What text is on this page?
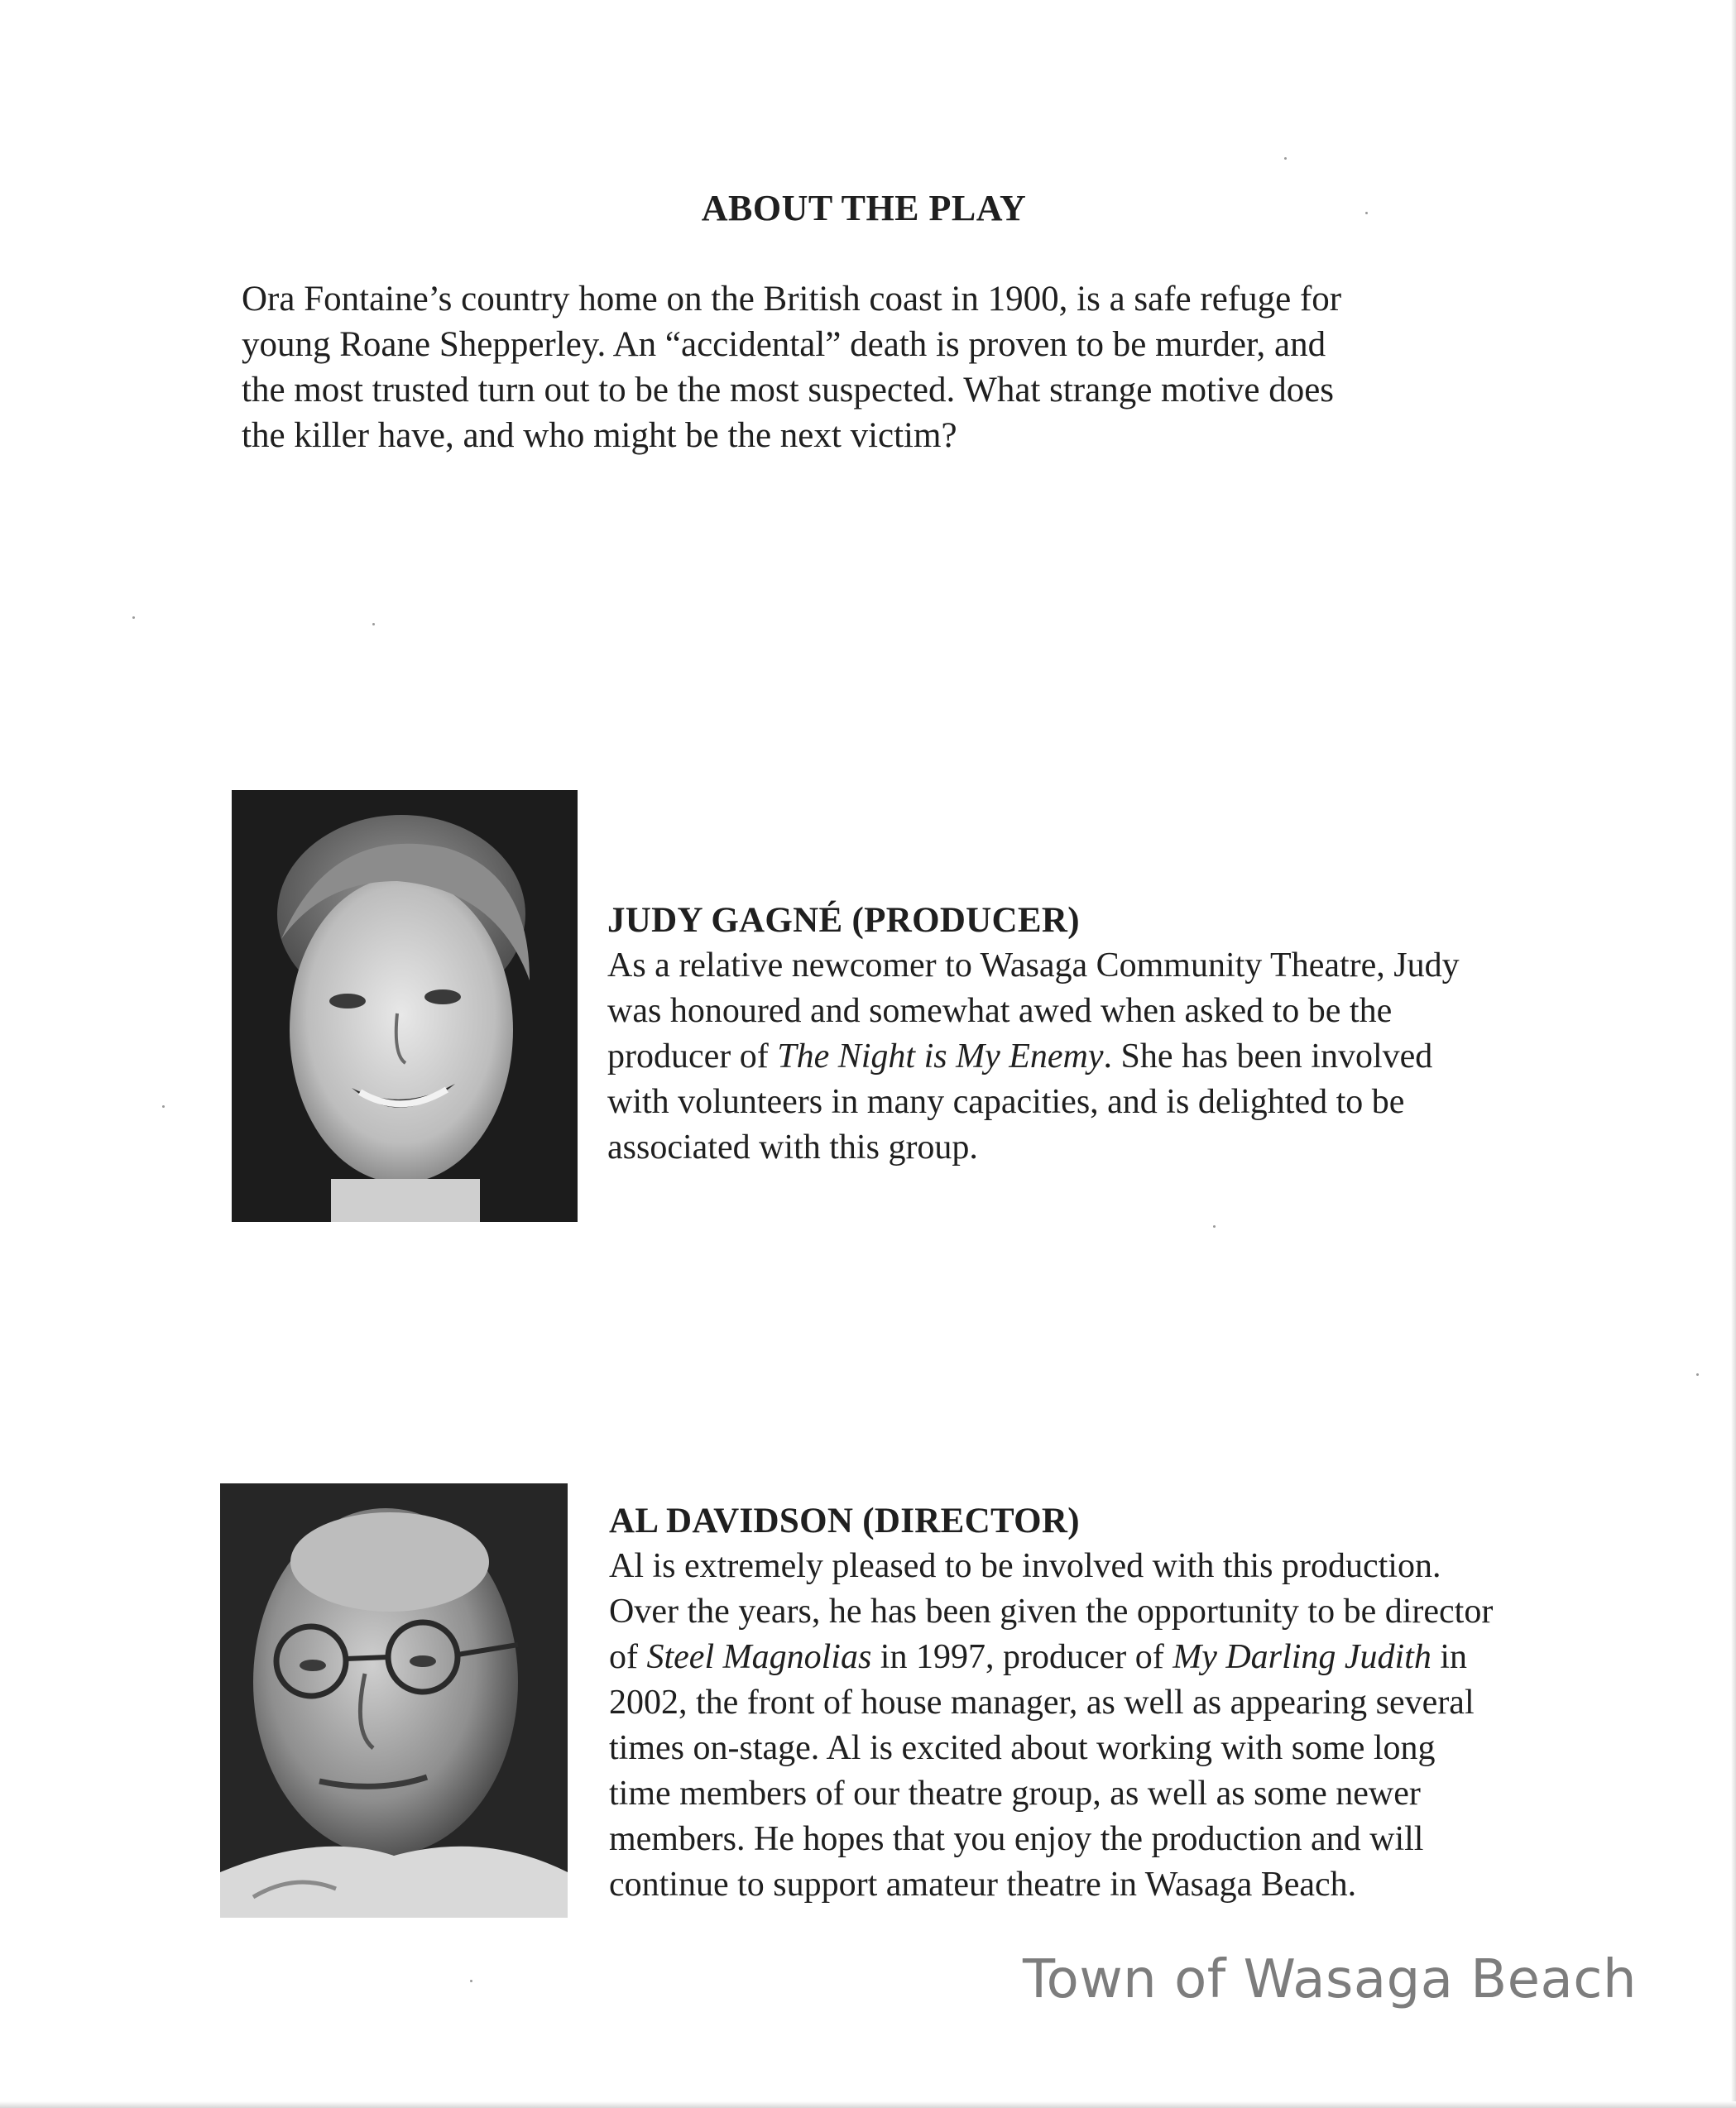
ABOUT THE PLAY

Ora Fontaine’s country home on the British coast in 1900, is a safe refuge for
young Roane Shepperley. An “accidental” death is proven to be murder, and
the most trusted turn out to be the most suspected. What strange motive does
the killer have, and who might be the next victim?

JUDY GAGNÉ (PRODUCER)

As a relative newcomer to Wasaga Community Theatre, Judy
was honoured and somewhat awed when asked to be the
producer of The Night is My Enemy. She has been involved
with volunteers in many capacities, and is delighted to be
associated with this group.

AL DAVIDSON (DIRECTOR)

Al is extremely pleased to be involved with this production.
Over the years, he has been given the opportunity to be director
of Steel Magnolias in 1997, producer of My Darling Judith in
2002, the front of house manager, as well as appearing several
times on-stage. Al is excited about working with some long
time members of our theatre group, as well as some newer
members. He hopes that you enjoy the production and will
continue to support amateur theatre in Wasaga Beach.

Town of Wasaga Beach
